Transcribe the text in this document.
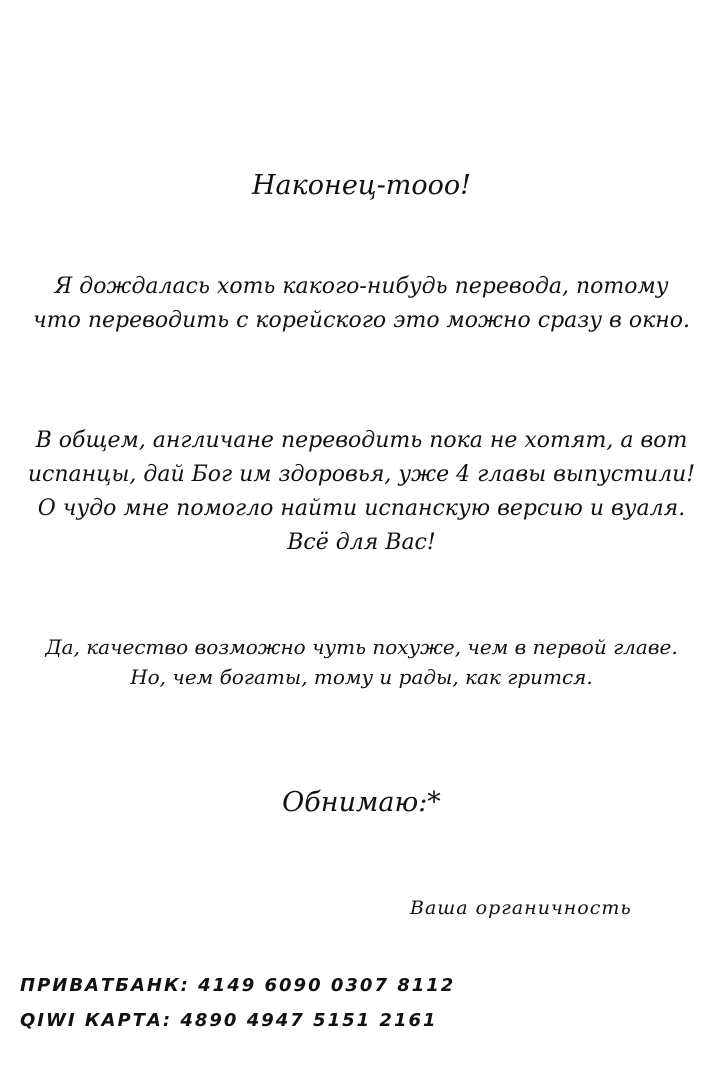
Наконец-тооо!
Я дождалась хоть какого-нибудь перевода, потому
что переводить с корейского это можно сразу в окно.
В общем, англичане переводить пока не хотят, а вот
испанцы, дай Бог им здоровья, уже 4 главы выпустили!
О чудо мне помогло найти испанскую версию и вуаля.
Всё для Вас!
Да, качество возможно чуть похуже, чем в первой главе.
Но, чем богаты, тому и рады, как грится.
Обнимаю:*
Ваша органичность
ПРИВАТБАНК: 4149 6090 0307 8112
QIWI КАРТА: 4890 4947 5151 2161
